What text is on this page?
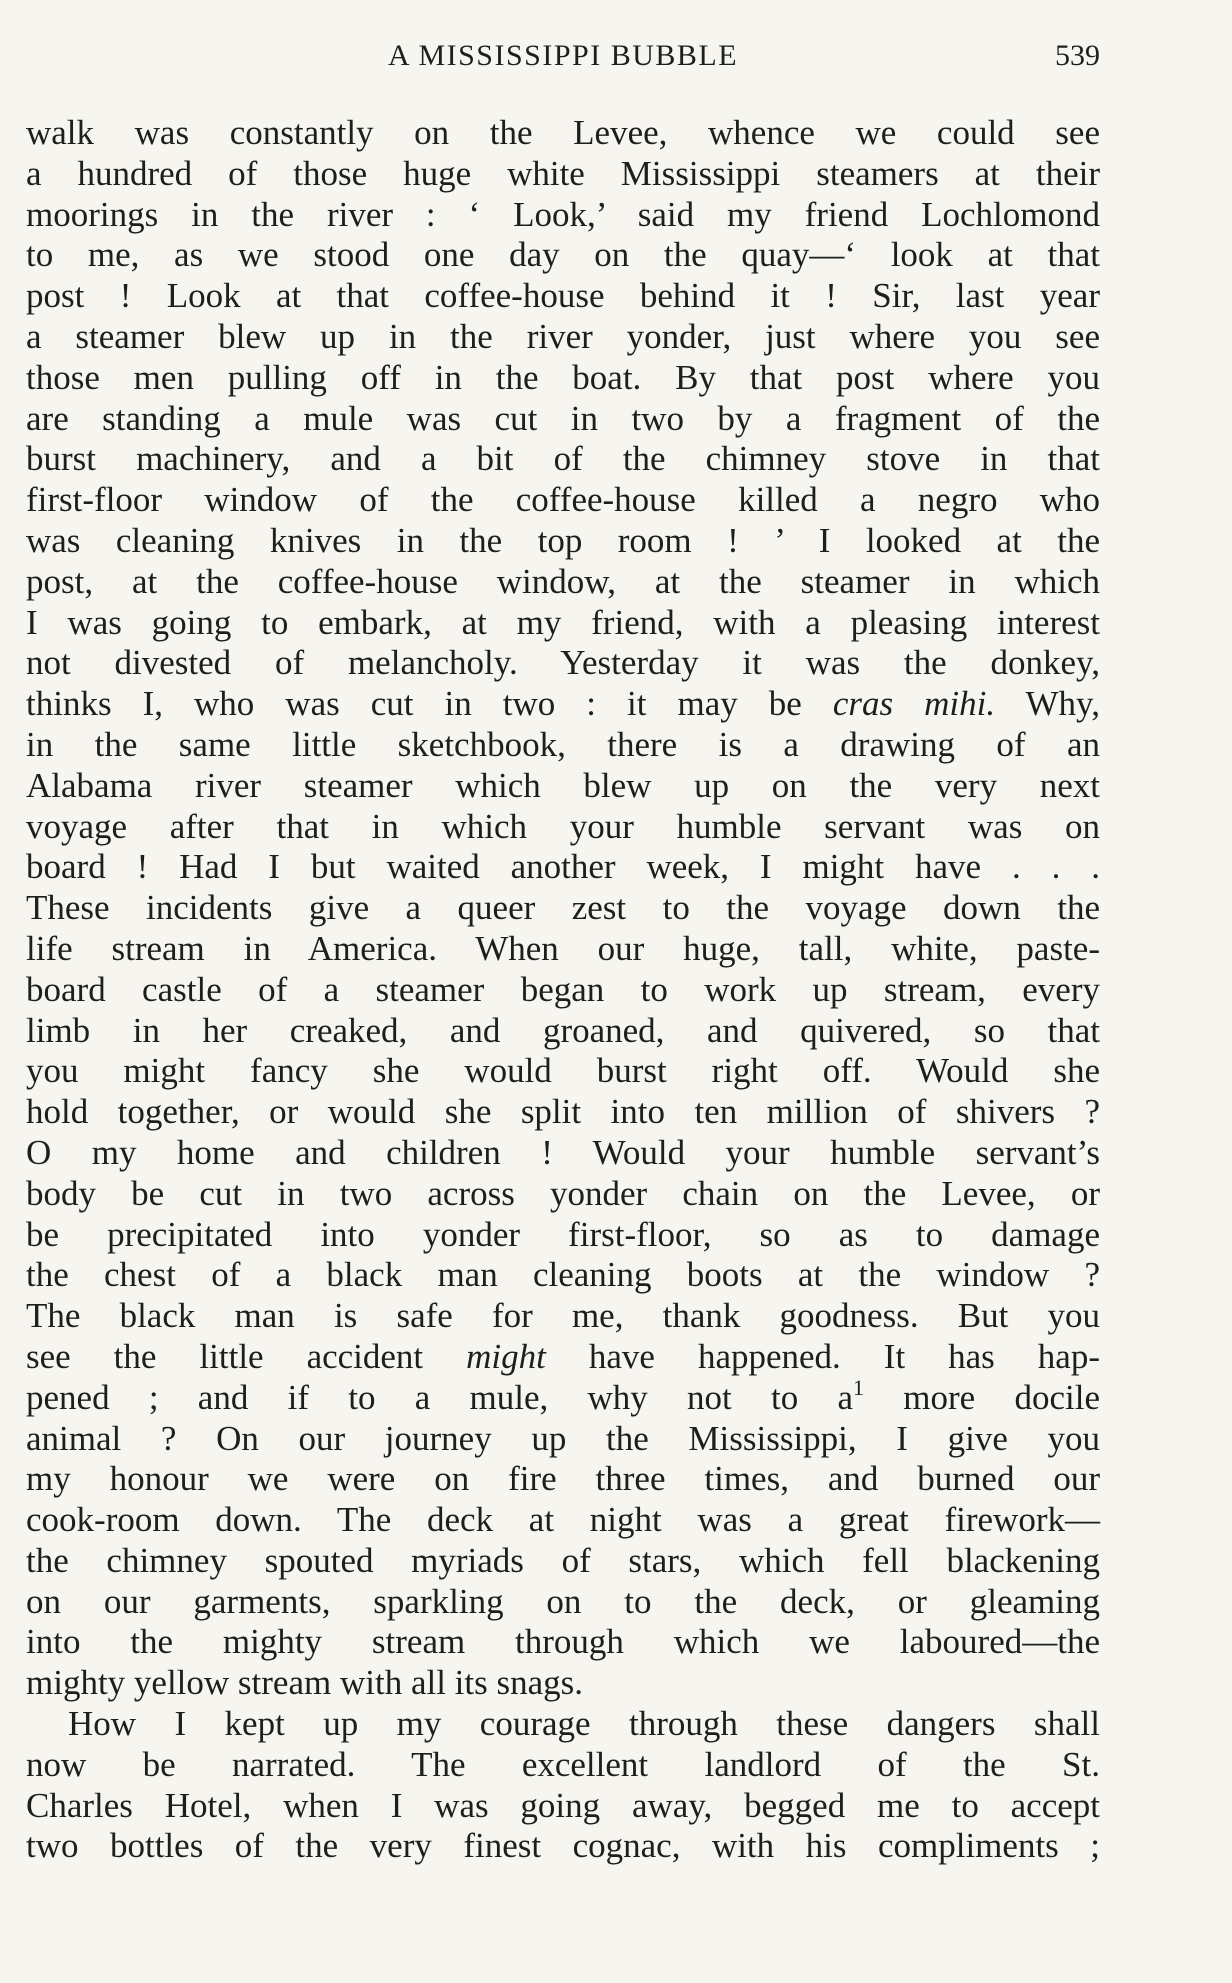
A MISSISSIPPI BUBBLE	539
walk was constantly on the Levee, whence we could see
a hundred of those huge white Mississippi steamers at their
moorings in the river : ‘ Look,’ said my friend Lochlomond
to me, as we stood one day on the quay—‘ look at that
post ! Look at that coffee-house behind it ! Sir, last year
a steamer blew up in the river yonder, just where you see
those men pulling off in the boat. By that post where you
are standing a mule was cut in two by a fragment of the
burst machinery, and a bit of the chimney stove in that
first-floor window of the coffee-house killed a negro who
was cleaning knives in the top room ! ’ I looked at the
post, at the coffee-house window, at the steamer in which
I was going to embark, at my friend, with a pleasing interest
not divested of melancholy. Yesterday it was the donkey,
thinks I, who was cut in two : it may be cras mihi. Why,
in the same little sketchbook, there is a drawing of an
Alabama river steamer which blew up on the very next
voyage after that in which your humble servant was on
board ! Had I but waited another week, I might have . . .
These incidents give a queer zest to the voyage down the
life stream in America. When our huge, tall, white, paste-
board castle of a steamer began to work up stream, every
limb in her creaked, and groaned, and quivered, so that
you might fancy she would burst right off. Would she
hold together, or would she split into ten million of shivers ?
O my home and children ! Would your humble servant’s
body be cut in two across yonder chain on the Levee, or
be precipitated into yonder first-floor, so as to damage
the chest of a black man cleaning boots at the window ?
The black man is safe for me, thank goodness. But you
see the little accident might have happened. It has hap-
pened ; and if to a mule, why not to $a^1$ more docile
animal ? On our journey up the Mississippi, I give you
my honour we were on fire three times, and burned our
cook-room down. The deck at night was a great firework—
the chimney spouted myriads of stars, which fell blackening
on our garments, sparkling on to the deck, or gleaming
into the mighty stream through which we laboured—the
mighty yellow stream with all its snags.
How I kept up my courage through these dangers shall
now be narrated. The excellent landlord of the St.
Charles Hotel, when I was going away, begged me to accept
two bottles of the very finest cognac, with his compliments ;
